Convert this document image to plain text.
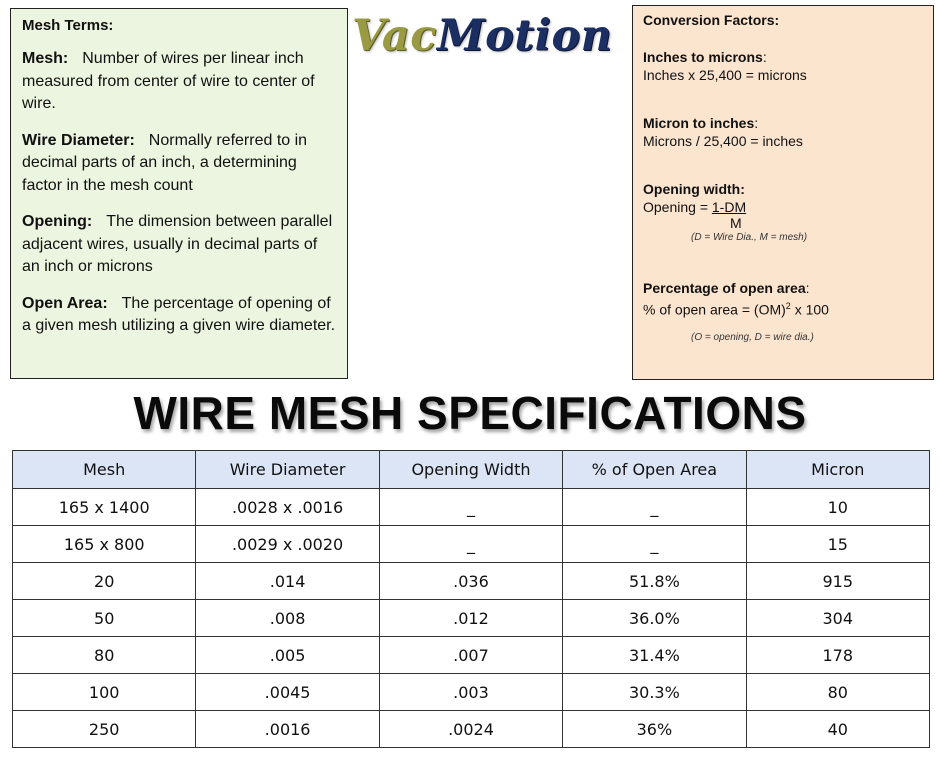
Mesh Terms:
Mesh: Number of wires per linear inch measured from center of wire to center of wire.
Wire Diameter: Normally referred to in decimal parts of an inch, a determining factor in the mesh count
Opening: The dimension between parallel adjacent wires, usually in decimal parts of an inch or microns
Open Area: The percentage of opening of a given mesh utilizing a given wire diameter.
VacMotion	Conversion Factors:
Inches to microns:
Inches x 25,400 = microns
Micron to inches:
Microns / 25,400 = inches
Opening width:
Opening = 1-DM
M
(D = Wire Dia., M = mesh)
Percentage of open area:
% of open area = (OM)$^2$ x 100
(O = opening, D = wire dia.)
WIRE MESH SPECIFICATIONS
Mesh	Wire Diameter	Opening Width	% of Open Area	Micron
165 x 1400	.0028 x .0016	_	_	10
165 x 800	.0029 x .0020	_	_	15
20	.014	.036	51.8%	915
50	.008	.012	36.0%	304
80	.005	.007	31.4%	178
100	.0045	.003	30.3%	80
250	.0016	.0024	36%	40
